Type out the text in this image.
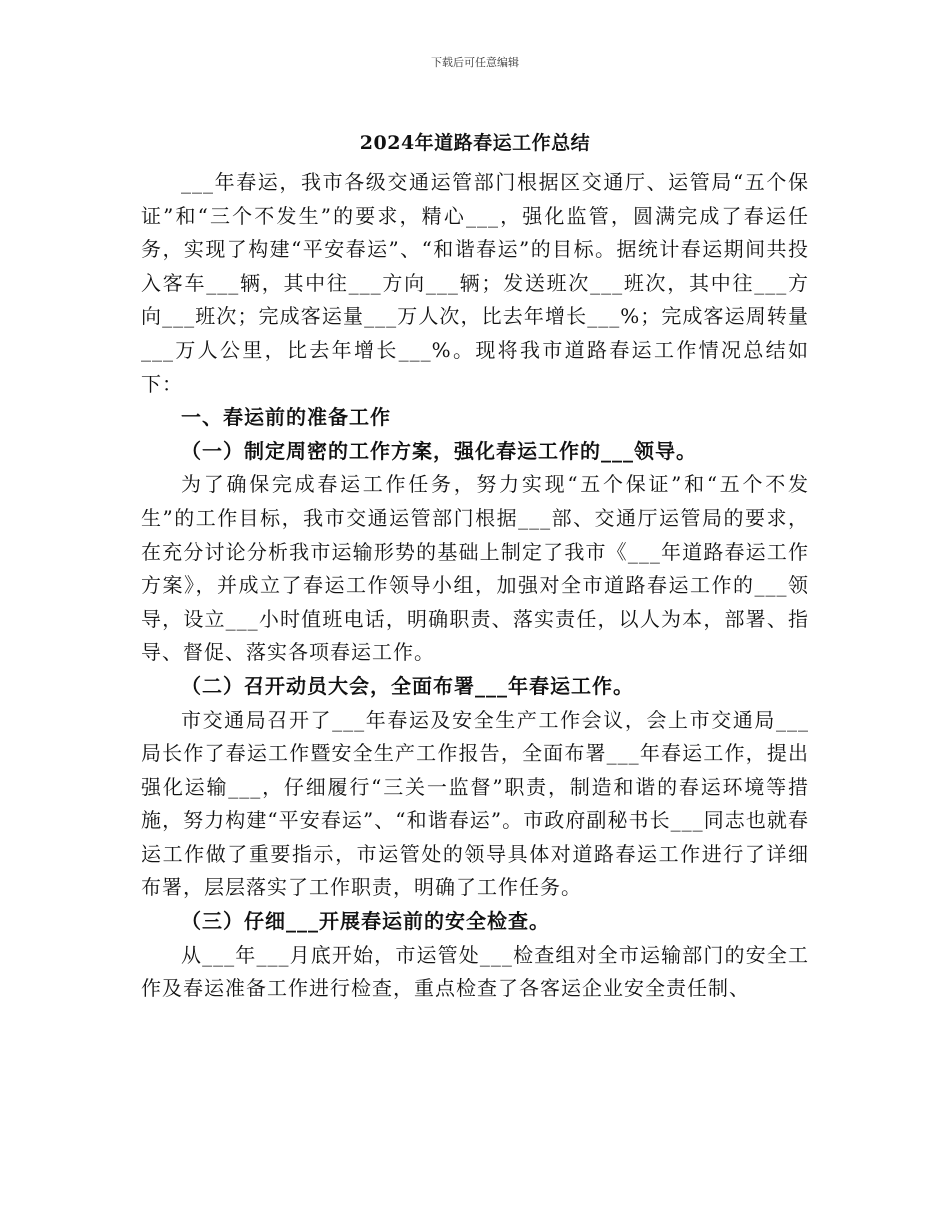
下载后可任意编辑
2024年道路春运工作总结

___年春运，我市各级交通运管部门根据区交通厅、运管局“五个保证”和“三个不发生”的要求，精心___，强化监管，圆满完成了春运任务，实现了构建“平安春运”、“和谐春运”的目标。据统计春运期间共投入客车___辆，其中往___方向___辆；发送班次___班次，其中往___方向___班次；完成客运量___万人次，比去年增长___%；完成客运周转量___万人公里，比去年增长___%。现将我市道路春运工作情况总结如下：

一、春运前的准备工作

（一）制定周密的工作方案，强化春运工作的___领导。

为了确保完成春运工作任务，努力实现“五个保证”和“五个不发生”的工作目标，我市交通运管部门根据___部、交通厅运管局的要求，在充分讨论分析我市运输形势的基础上制定了我市《___年道路春运工作方案》，并成立了春运工作领导小组，加强对全市道路春运工作的___领导，设立___小时值班电话，明确职责、落实责任，以人为本，部署、指导、督促、落实各项春运工作。

（二）召开动员大会，全面布署___年春运工作。

市交通局召开了___年春运及安全生产工作会议，会上市交通局___局长作了春运工作暨安全生产工作报告，全面布署___年春运工作，提出强化运输___，仔细履行“三关一监督”职责，制造和谐的春运环境等措施，努力构建“平安春运”、“和谐春运”。市政府副秘书长___同志也就春运工作做了重要指示，市运管处的领导具体对道路春运工作进行了详细布署，层层落实了工作职责，明确了工作任务。

（三）仔细___开展春运前的安全检查。

从___年___月底开始，市运管处___检查组对全市运输部门的安全工作及春运准备工作进行检查，重点检查了各客运企业安全责任制、
